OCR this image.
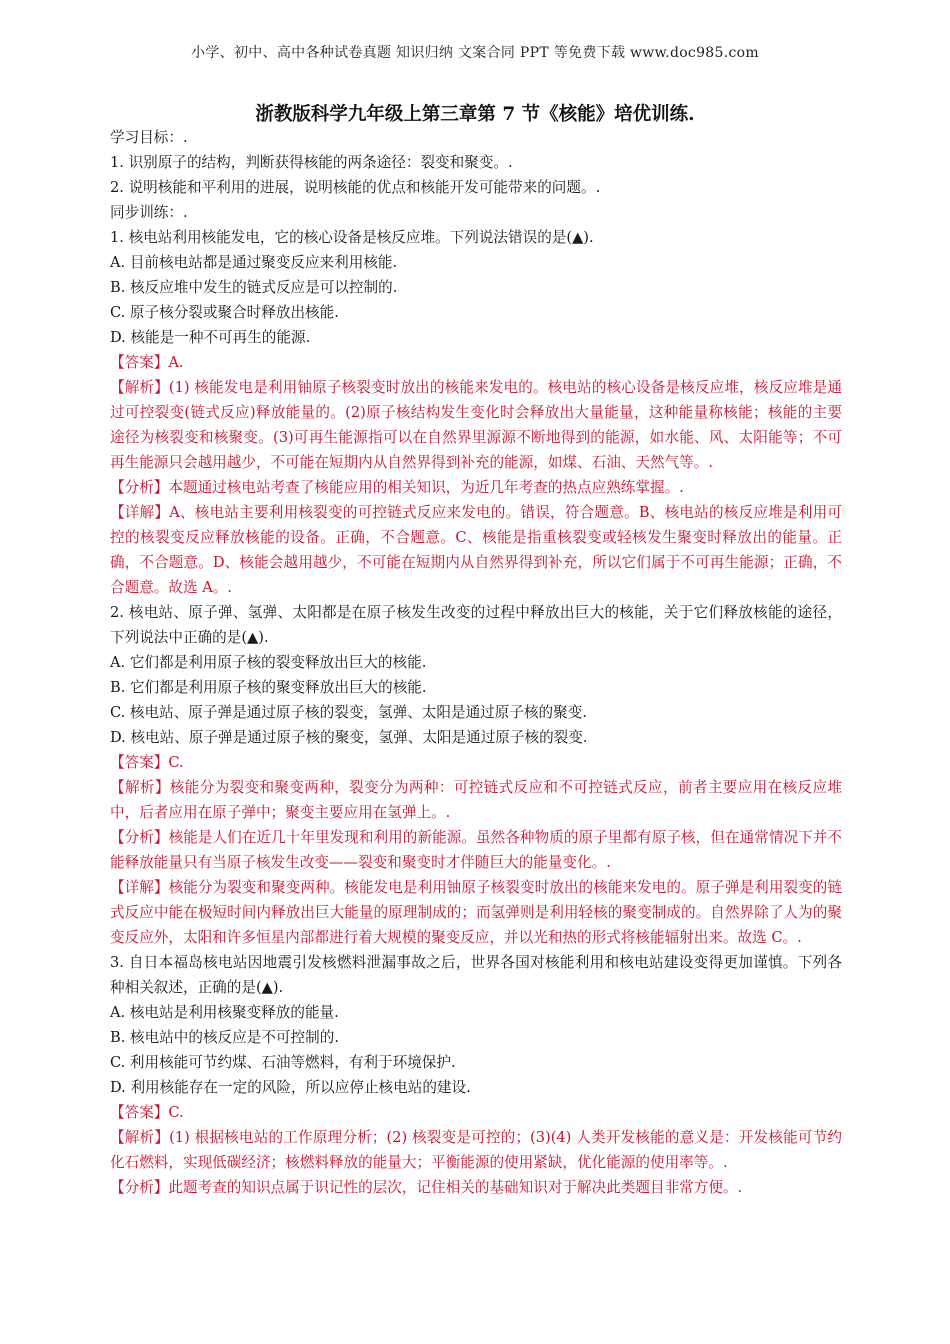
小学、初中、高中各种试卷真题 知识归纳 文案合同 PPT 等免费下载 www.doc985.com
浙教版科学九年级上第三章第 7 节《核能》培优训练.

学习目标：.

1. 识别原子的结构，判断获得核能的两条途径：裂变和聚变。.

2. 说明核能和平利用的进展，说明核能的优点和核能开发可能带来的问题。.

同步训练：.

1. 核电站利用核能发电，它的核心设备是核反应堆。下列说法错误的是(▲).

A. 目前核电站都是通过聚变反应来利用核能.

B. 核反应堆中发生的链式反应是可以控制的.

C. 原子核分裂或聚合时释放出核能.

D. 核能是一种不可再生的能源.

【答案】A.

【解析】(1) 核能发电是利用铀原子核裂变时放出的核能来发电的。核电站的核心设备是核反应堆，核反应堆是通过可控裂变(链式反应)释放能量的。(2)原子核结构发生变化时会释放出大量能量，这种能量称核能；核能的主要途径为核裂变和核聚变。(3)可再生能源指可以在自然界里源源不断地得到的能源，如水能、风、太阳能等；不可再生能源只会越用越少，不可能在短期内从自然界得到补充的能源，如煤、石油、天然气等。.

【分析】本题通过核电站考查了核能应用的相关知识，为近几年考查的热点应熟练掌握。.

【详解】A、核电站主要利用核裂变的可控链式反应来发电的。错误，符合题意。B、核电站的核反应堆是利用可控的核裂变反应释放核能的设备。正确，不合题意。C、核能是指重核裂变或轻核发生聚变时释放出的能量。正确，不合题意。D、核能会越用越少，不可能在短期内从自然界得到补充，所以它们属于不可再生能源；正确，不合题意。故选 A。.

2. 核电站、原子弹、氢弹、太阳都是在原子核发生改变的过程中释放出巨大的核能，关于它们释放核能的途径，下列说法中正确的是(▲).

A. 它们都是利用原子核的裂变释放出巨大的核能.

B. 它们都是利用原子核的聚变释放出巨大的核能.

C. 核电站、原子弹是通过原子核的裂变，氢弹、太阳是通过原子核的聚变.

D. 核电站、原子弹是通过原子核的聚变，氢弹、太阳是通过原子核的裂变.

【答案】C.

【解析】核能分为裂变和聚变两种，裂变分为两种：可控链式反应和不可控链式反应，前者主要应用在核反应堆中，后者应用在原子弹中；聚变主要应用在氢弹上。.

【分析】核能是人们在近几十年里发现和利用的新能源。虽然各种物质的原子里都有原子核，但在通常情况下并不能释放能量只有当原子核发生改变——裂变和聚变时才伴随巨大的能量变化。.

【详解】核能分为裂变和聚变两种。核能发电是利用铀原子核裂变时放出的核能来发电的。原子弹是利用裂变的链式反应中能在极短时间内释放出巨大能量的原理制成的；而氢弹则是利用轻核的聚变制成的。自然界除了人为的聚变反应外，太阳和许多恒星内部都进行着大规模的聚变反应，并以光和热的形式将核能辐射出来。故选 C。.

3. 自日本福岛核电站因地震引发核燃料泄漏事故之后，世界各国对核能利用和核电站建设变得更加谨慎。下列各种相关叙述，正确的是(▲).

A. 核电站是利用核聚变释放的能量.

B. 核电站中的核反应是不可控制的.

C. 利用核能可节约煤、石油等燃料，有利于环境保护.

D. 利用核能存在一定的风险，所以应停止核电站的建设.

【答案】C.

【解析】(1) 根据核电站的工作原理分析；(2) 核裂变是可控的；(3)(4) 人类开发核能的意义是：开发核能可节约化石燃料，实现低碳经济；核燃料释放的能量大；平衡能源的使用紧缺，优化能源的使用率等。.

【分析】此题考查的知识点属于识记性的层次，记住相关的基础知识对于解决此类题目非常方便。.
